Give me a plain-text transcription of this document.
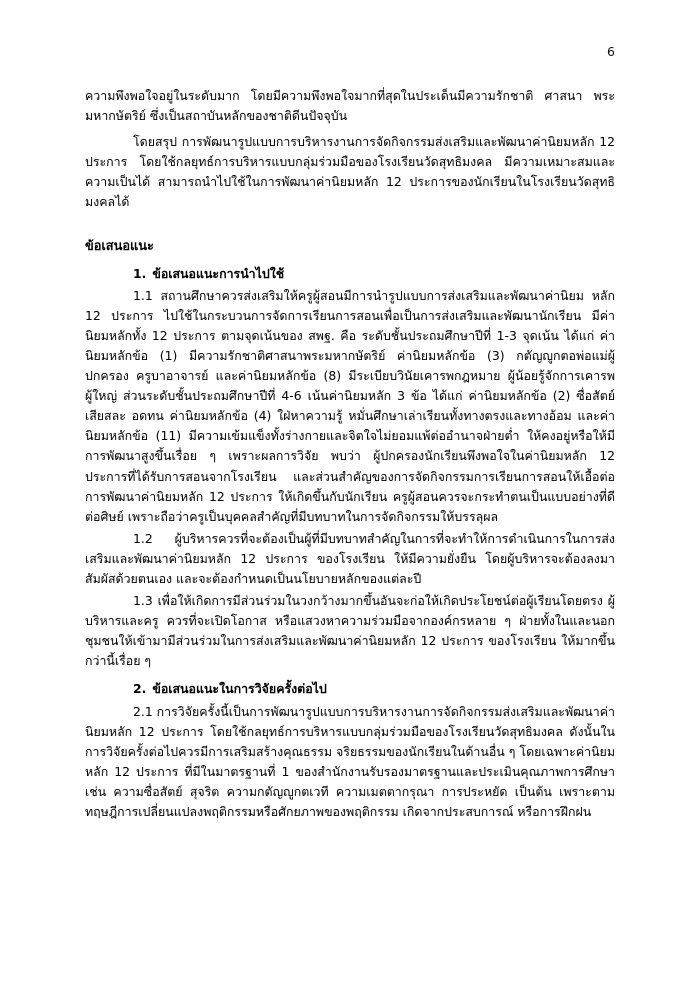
6

ความพึงพอใจอยู่ในระดับมาก โดยมีความพึงพอใจมากที่สุดในประเด็นมีความรักชาติ ศาสนา พระมหากษัตริย์ ซึ่งเป็นสถาบันหลักของชาติดีนปัจจุบัน

โดยสรุป การพัฒนารูปแบบการบริหารงานการจัดกิจกรรมส่งเสริมและพัฒนาค่านิยมหลัก 12 ประการ โดยใช้กลยุทธ์การบริหารแบบกลุ่มร่วมมือของโรงเรียนวัดสุทธิมงคล มีความเหมาะสมและความเป็นได้ สามารถนำไปใช้ในการพัฒนาค่านิยมหลัก 12 ประการของนักเรียนในโรงเรียนวัดสุทธิมงคลได้

ข้อเสนอแนะ
1. ข้อเสนอแนะการนำไปใช้

1.1 สถานศึกษาควรส่งเสริมให้ครูผู้สอนมีการนำรูปแบบการส่งเสริมและพัฒนาค่านิยม หลัก 12 ประการ ไปใช้ในกระบวนการจัดการเรียนการสอนเพื่อเป็นการส่งเสริมและพัฒนานักเรียน มีค่านิยมหลักทั้ง 12 ประการ ตามจุดเน้นของ สพฐ. คือ ระดับชั้นประถมศึกษาปีที่ 1-3 จุดเน้น ได้แก่ ค่านิยมหลักข้อ (1) มีความรักชาติศาสนาพระมหากษัตริย์ ค่านิยมหลักข้อ (3) กตัญญูกตอพ่อแม่ผู้ปกครอง ครูบาอาจารย์ และค่านิยมหลักข้อ (8) มีระเบียบวินัยเคารพกฎหมาย ผู้น้อยรู้จักการเคารพผู้ใหญ่ ส่วนระดับชั้นประถมศึกษาปีที่ 4-6 เน้นค่านิยมหลัก 3 ข้อ ได้แก่ ค่านิยมหลักข้อ (2) ซื่อสัตย์ เสียสละ อดทน ค่านิยมหลักข้อ (4) ใฝ่หาความรู้ หมั่นศึกษาเล่าเรียนทั้งทางตรงและทางอ้อม และค่านิยมหลักข้อ (11) มีความเข้มแข็งทั้งร่างกายและจิตใจไม่ยอมแพ้ต่ออำนาจฝ่ายต่ำ ให้คงอยู่หรือให้มีการพัฒนาสูงขึ้นเรื่อย ๆ เพราะผลการวิจัย พบว่า ผู้ปกครองนักเรียนพึงพอใจในค่านิยมหลัก 12 ประการที่ได้รับการสอนจากโรงเรียน และส่วนสำคัญของการจัดกิจกรรมการเรียนการสอนให้เอื้อต่อการพัฒนาค่านิยมหลัก 12 ประการ ให้เกิดขึ้นกับนักเรียน ครูผู้สอนควรจะกระทำตนเป็นแบบอย่างที่ดีต่อศิษย์ เพราะถือว่าครูเป็นบุคคลสำคัญที่มีบทบาทในการจัดกิจกรรมให้บรรลุผล

1.2 ผู้บริหารควรที่จะต้องเป็นผู้ที่มีบทบาทสำคัญในการที่จะทำให้การดำเนินการในการส่งเสริมและพัฒนาค่านิยมหลัก 12 ประการ ของโรงเรียน ให้มีความยั่งยืน โดยผู้บริหารจะต้องลงมาสัมผัสด้วยตนเอง และจะต้องกำหนดเป็นนโยบายหลักของแต่ละปี

1.3 เพื่อให้เกิดการมีส่วนร่วมในวงกว้างมากขึ้นอันจะก่อให้เกิดประโยชน์ต่อผู้เรียนโดยตรง ผู้บริหารและครู ควรที่จะเปิดโอกาส หรือแสวงหาความร่วมมือจากองค์กรหลาย ๆ ฝ่ายทั้งในและนอกชุมชนให้เข้ามามีส่วนร่วมในการส่งเสริมและพัฒนาค่านิยมหลัก 12 ประการ ของโรงเรียน ให้มากขึ้นกว่านี้เรื่อย ๆ

2. ข้อเสนอแนะในการวิจัยครั้งต่อไป

2.1 การวิจัยครั้งนี้เป็นการพัฒนารูปแบบการบริหารงานการจัดกิจกรรมส่งเสริมและพัฒนาค่านิยมหลัก 12 ประการ โดยใช้กลยุทธ์การบริหารแบบกลุ่มร่วมมือของโรงเรียนวัดสุทธิมงคล ดังนั้นในการวิจัยครั้งต่อไปควรมีการเสริมสร้างคุณธรรม จริยธรรมของนักเรียนในด้านอื่น ๆ โดยเฉพาะค่านิยมหลัก 12 ประการ ที่มีในมาตรฐานที่ 1 ของสำนักงานรับรองมาตรฐานและประเมินคุณภาพการศึกษา เช่น ความซื่อสัตย์ สุจริต ความกตัญญูกตเวที ความเมตตากรุณา การประหยัด เป็นต้น เพราะตามทฤษฎีการเปลี่ยนแปลงพฤติกรรมหรือศักยภาพของพฤติกรรม เกิดจากประสบการณ์ หรือการฝึกฝน
